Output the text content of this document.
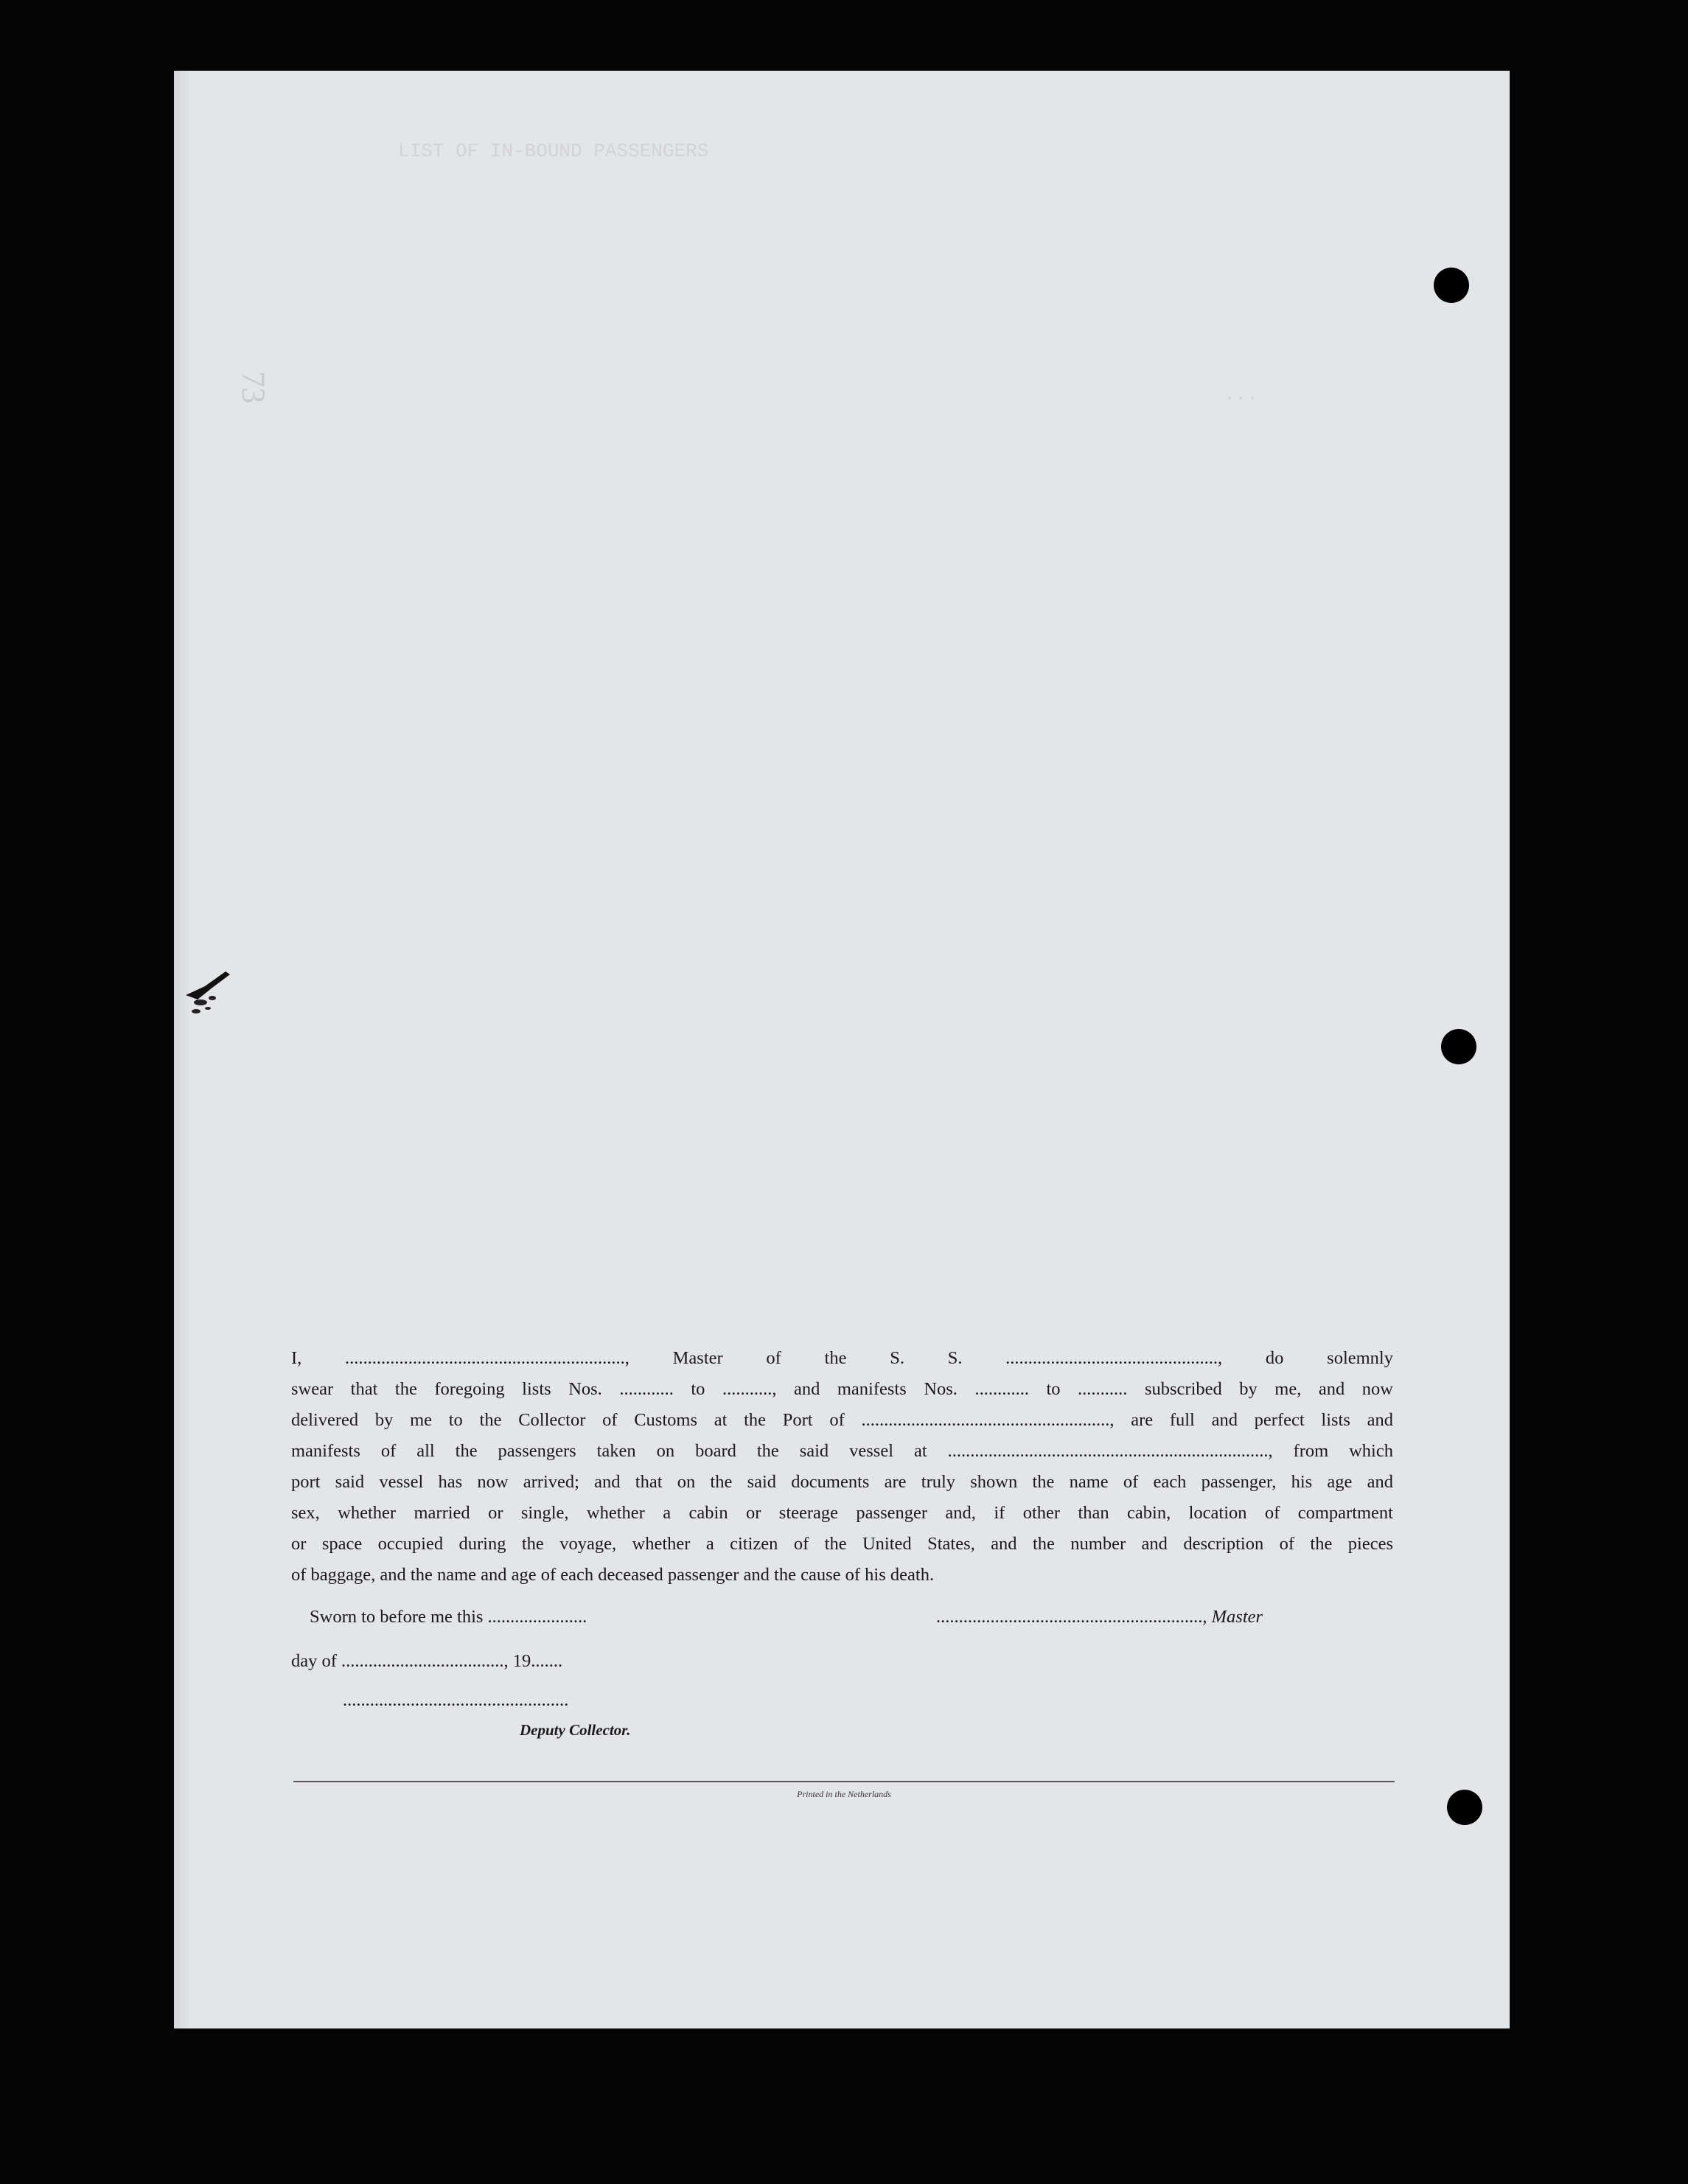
LIST OF IN-BOUND PASSENGERS
...
73
I, .............................................................., Master of the S. S. ..............................................., do solemnly
swear that the foregoing lists Nos. ............ to ..........., and manifests Nos. ............ to ........... subscribed by me, and now
delivered by me to the Collector of Customs at the Port of ......................................................., are full and perfect lists and
manifests of all the passengers taken on board the said vessel at ......................................................................., from which
port said vessel has now arrived; and that on the said documents are truly shown the name of each passenger, his age and
sex, whether married or single, whether a cabin or steerage passenger and, if other than cabin, location of compartment
or space occupied during the voyage, whether a citizen of the United States, and the number and description of the pieces
of baggage, and the name and age of each deceased passenger and the cause of his death.
Sworn to before me this ......................	..........................................................., Master
day of ...................................., 19.......
..................................................
Deputy Collector.
Printed in the Netherlands
